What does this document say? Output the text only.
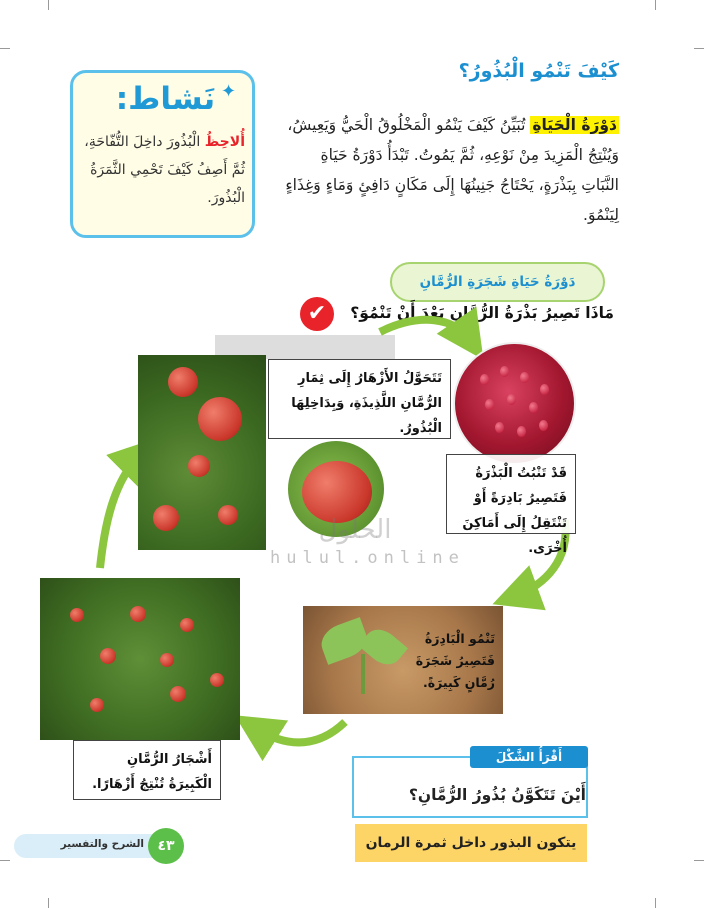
كَيْفَ تَنْمُو الْبُذُورُ؟

دَوْرَةُ الْحَيَاةِ تُبَيِّنُ كَيْفَ يَنْمُو الْمَخْلُوقُ الْحَيُّ وَيَعِيشُ، وَيُنْتِجُ الْمَزِيدَ مِنْ نَوْعِهِ، ثُمَّ يَمُوتُ. تَبْدَأُ دَوْرَةُ حَيَاةِ النَّبَاتِ بِبَذْرَةٍ، يَحْتَاجُ جَنِينُهَا إِلَى مَكَانٍ دَافِئٍ وَمَاءٍ وَغِذَاءٍ لِيَنْمُوَ.

نَشاط: ✦

أُلاحِظُ الْبُذُورَ داخِلَ التُّفّاحَةِ، ثُمَّ أَصِفُ كَيْفَ تَحْمِي الثَّمَرَةُ الْبُذُورَ.

دَوْرَةُ حَيَاةِ شَجَرَةِ الرُّمَّانِ
مَاذَا تَصِيرُ بَذْرَةُ الرُّمَّانِ بَعْدَ أَنْ تَنْمُوَ؟
✔
تَتَحَوَّلُ الأَزْهَارُ إِلَى ثِمَارِ الرُّمَّانِ اللَّذِيذَةِ، وَبِدَاخِلِهَا الْبُذُورُ.
قَدْ تَنْبُتُ الْبَذْرَةُ فَتَصِيرُ بَادِرَةً أَوْ تَنْتَقِلُ إِلَى أَمَاكِنَ أُخْرَى.
تَنْمُو الْبَادِرَةُ فَتَصِيرُ شَجَرَةَ رُمَّانٍ كَبِيرَةً.
أَشْجَارُ الرُّمَّانِ الْكَبِيرَةُ تُنْتِجُ أَزْهَارًا.
الحلول
hulul.online
أَقْرَأُ الشَّكْلَ
أَيْنَ تَتَكَوَّنُ بُذُورُ الرُّمَّانِ؟
يتكون البذور داخل ثمرة الرمان
الشرح والتفسير ٤٣
